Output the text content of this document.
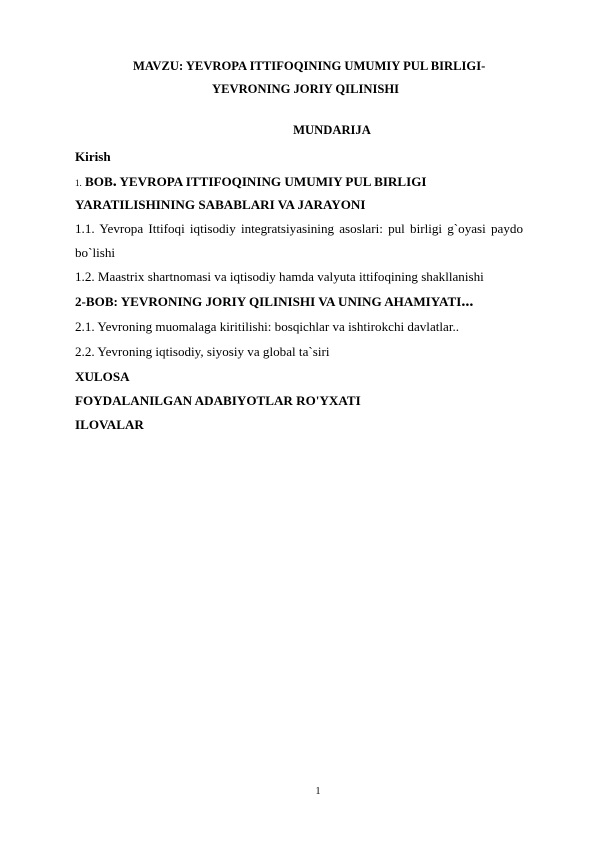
MAVZU: YEVROPA ITTIFOQINING UMUMIY PUL BIRLIGI-
YEVRONING JORIY QILINISHI
MUNDARIJA
Kirish
1. BOB. YEVROPA ITTIFOQINING UMUMIY PUL BIRLIGI
YARATILISHINING SABABLARI VA JARAYONI
1.1. Yevropa Ittifoqi iqtisodiy integratsiyasining asoslari: pul birligi g`oyasi paydo
bo`lishi
1.2. Maastrix shartnomasi va iqtisodiy hamda valyuta ittifoqining shakllanishi
2-BOB: YEVRONING JORIY QILINISHI VA UNING AHAMIYATI...
2.1. Yevroning muomalaga kiritilishi: bosqichlar va ishtirokchi davlatlar..
2.2. Yevroning iqtisodiy, siyosiy va global ta`siri
XULOSA
FOYDALANILGAN ADABIYOTLAR RO'YXATI
ILOVALAR
1
